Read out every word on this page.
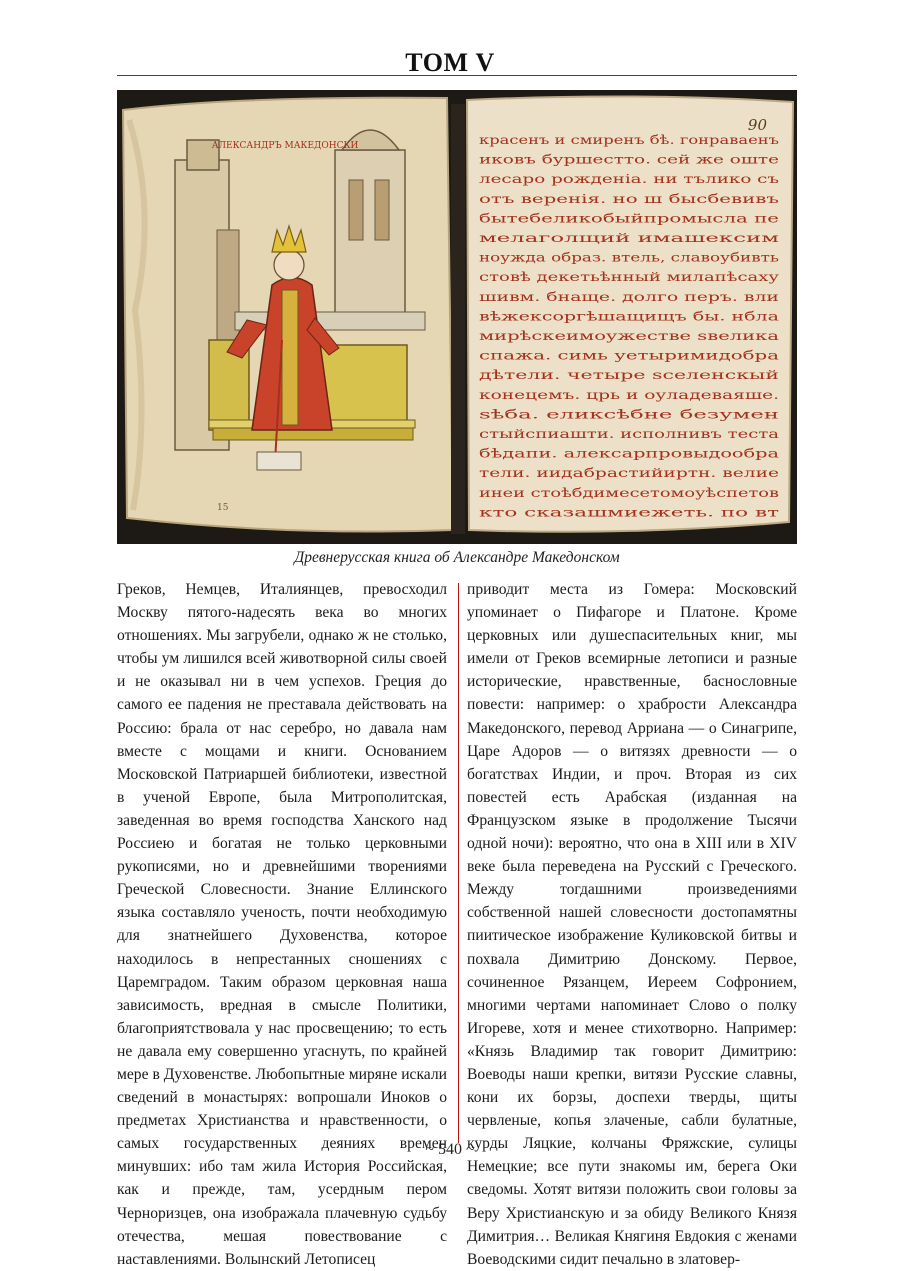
ТОМ V
АЛЕКСАНДРЪ МАКЕДОНСКИ
15
90
красенъ и смиренъ бѣ. гонраваенъ
иковъ буршестто. сей же оште
лесаро рожденіа. ни тълико съ
отъ веренія. но ш бысбевивъ
бытебеликобыйпромысла пе
мелаголщий имашексим
ноужда образ. втель, славоубивть
стовѣ декетьѣнный милапѣсаху
шивм. бнаще. долго перъ. вли
вѣжексоргѣшащищъ бы. нбла
мирѣскеимоужестве ѕвелика
спажа. симь уетыримидобра
дѣтели. четыре ѕселенскый
конецемъ. црь и оуладеваяше.
ѕѣба. еликсѣбне безумен
стыйспиашти. исполнивъ теста
бѣдапи. алексарпровыдообра
тели. иидабрастийиртн. велие
инеи стоѣбдимесетомоуѣспетов
кто сказашмиежеть. по вт
Древнерусская книга об Александре Македонском
Греков, Немцев, Италиянцев, превосходил Москву пятого-надесять века во многих отношениях. Мы загрубели, однако ж не столько, чтобы ум лишился всей животворной силы своей и не оказывал ни в чем успехов. Греция до самого ее падения не преставала действовать на Россию: брала от нас серебро, но давала нам вместе с мощами и книги. Основанием Московской Патриаршей библиотеки, известной в ученой Европе, была Митрополитская, заведенная во время господства Ханского над Россиею и богатая не только церковными рукописями, но и древнейшими творениями Греческой Словесности. Знание Еллинского языка составляло ученость, почти необходимую для знатнейшего Духовенства, которое находилось в непрестанных сношениях с Царемградом. Таким образом церковная наша зависимость, вредная в смысле Политики, благоприятствовала у нас просвещению; то есть не давала ему совершенно угаснуть, по крайней мере в Духовенстве. Любопытные миряне искали сведений в монастырях: вопрошали Иноков о предметах Христианства и нравственности, о самых государственных деяниях времен минувших: ибо там жила История Российская, как и прежде, там, усердным пером Черноризцев, она изображала плачевную судьбу отечества, мешая повествование с наставлениями. Волынский Летописец
приводит места из Гомера: Московский упоминает о Пифагоре и Платоне. Кроме церковных или душеспасительных книг, мы имели от Греков всемирные летописи и разные исторические, нравственные, баснословные повести: например: о храбрости Александра Македонского, перевод Арриана — о Синагрипе, Царе Адоров — о витязях древности — о богатствах Индии, и проч. Вторая из сих повестей есть Арабская (изданная на Французском языке в продолжение Тысячи одной ночи): вероятно, что она в XIII или в XIV веке была переведена на Русский с Греческого. Между тогдашними произведениями собственной нашей словесности достопамятны пиитическое изображение Куликовской битвы и похвала Димитрию Донскому. Первое, сочиненное Рязанцем, Иереем Софронием, многими чертами напоминает Слово о полку Игореве, хотя и менее стихотворно. Например: «Князь Владимир так говорит Димитрию: Воеводы наши крепки, витязи Русские славны, кони их борзы, доспехи тверды, щиты червленые, копья злаченые, сабли булатные, курды Ляцкие, колчаны Фряжские, сулицы Немецкие; все пути знакомы им, берега Оки сведомы. Хотят витязи положить свои головы за Веру Христианскую и за обиду Великого Князя Димитрия… Великая Княгиня Евдокия с женами Воеводскими сидит печально в златовер-
~ 540 ~
